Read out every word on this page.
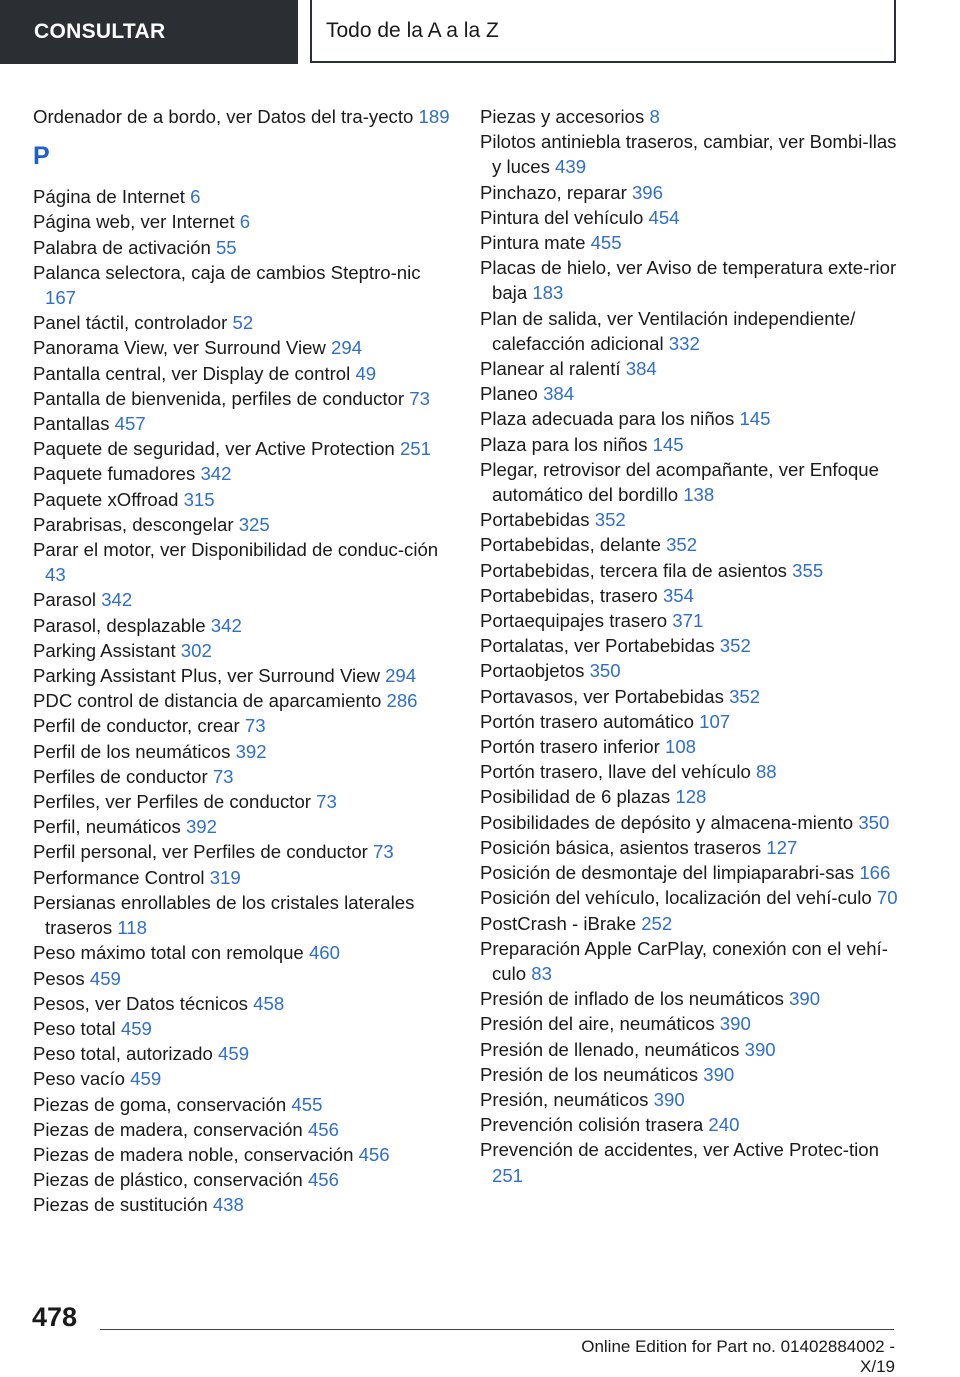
CONSULTAR	Todo de la A a la Z
Ordenador de a bordo, ver Datos del tra-yecto 189
P
Página de Internet 6
Página web, ver Internet 6
Palabra de activación 55
Palanca selectora, caja de cambios Steptro-nic 167
Panel táctil, controlador 52
Panorama View, ver Surround View 294
Pantalla central, ver Display de control 49
Pantalla de bienvenida, perfiles de conductor 73
Pantallas 457
Paquete de seguridad, ver Active Protection 251
Paquete fumadores 342
Paquete xOffroad 315
Parabrisas, descongelar 325
Parar el motor, ver Disponibilidad de conduc-ción 43
Parasol 342
Parasol, desplazable 342
Parking Assistant 302
Parking Assistant Plus, ver Surround View 294
PDC control de distancia de aparcamiento 286
Perfil de conductor, crear 73
Perfil de los neumáticos 392
Perfiles de conductor 73
Perfiles, ver Perfiles de conductor 73
Perfil, neumáticos 392
Perfil personal, ver Perfiles de conductor 73
Performance Control 319
Persianas enrollables de los cristales laterales traseros 118
Peso máximo total con remolque 460
Pesos 459
Pesos, ver Datos técnicos 458
Peso total 459
Peso total, autorizado 459
Peso vacío 459
Piezas de goma, conservación 455
Piezas de madera, conservación 456
Piezas de madera noble, conservación 456
Piezas de plástico, conservación 456
Piezas de sustitución 438
Piezas y accesorios 8
Pilotos antiniebla traseros, cambiar, ver Bombi-llas y luces 439
Pinchazo, reparar 396
Pintura del vehículo 454
Pintura mate 455
Placas de hielo, ver Aviso de temperatura exte-rior baja 183
Plan de salida, ver Ventilación independiente/ calefacción adicional 332
Planear al ralentí 384
Planeo 384
Plaza adecuada para los niños 145
Plaza para los niños 145
Plegar, retrovisor del acompañante, ver Enfoque automático del bordillo 138
Portabebidas 352
Portabebidas, delante 352
Portabebidas, tercera fila de asientos 355
Portabebidas, trasero 354
Portaequipajes trasero 371
Portalatas, ver Portabebidas 352
Portaobjetos 350
Portavasos, ver Portabebidas 352
Portón trasero automático 107
Portón trasero inferior 108
Portón trasero, llave del vehículo 88
Posibilidad de 6 plazas 128
Posibilidades de depósito y almacena-miento 350
Posición básica, asientos traseros 127
Posición de desmontaje del limpiaparabri-sas 166
Posición del vehículo, localización del vehí-culo 70
PostCrash - iBrake 252
Preparación Apple CarPlay, conexión con el vehí-culo 83
Presión de inflado de los neumáticos 390
Presión del aire, neumáticos 390
Presión de llenado, neumáticos 390
Presión de los neumáticos 390
Presión, neumáticos 390
Prevención colisión trasera 240
Prevención de accidentes, ver Active Protec-tion 251
478
Online Edition for Part no. 01402884002 - X/19
